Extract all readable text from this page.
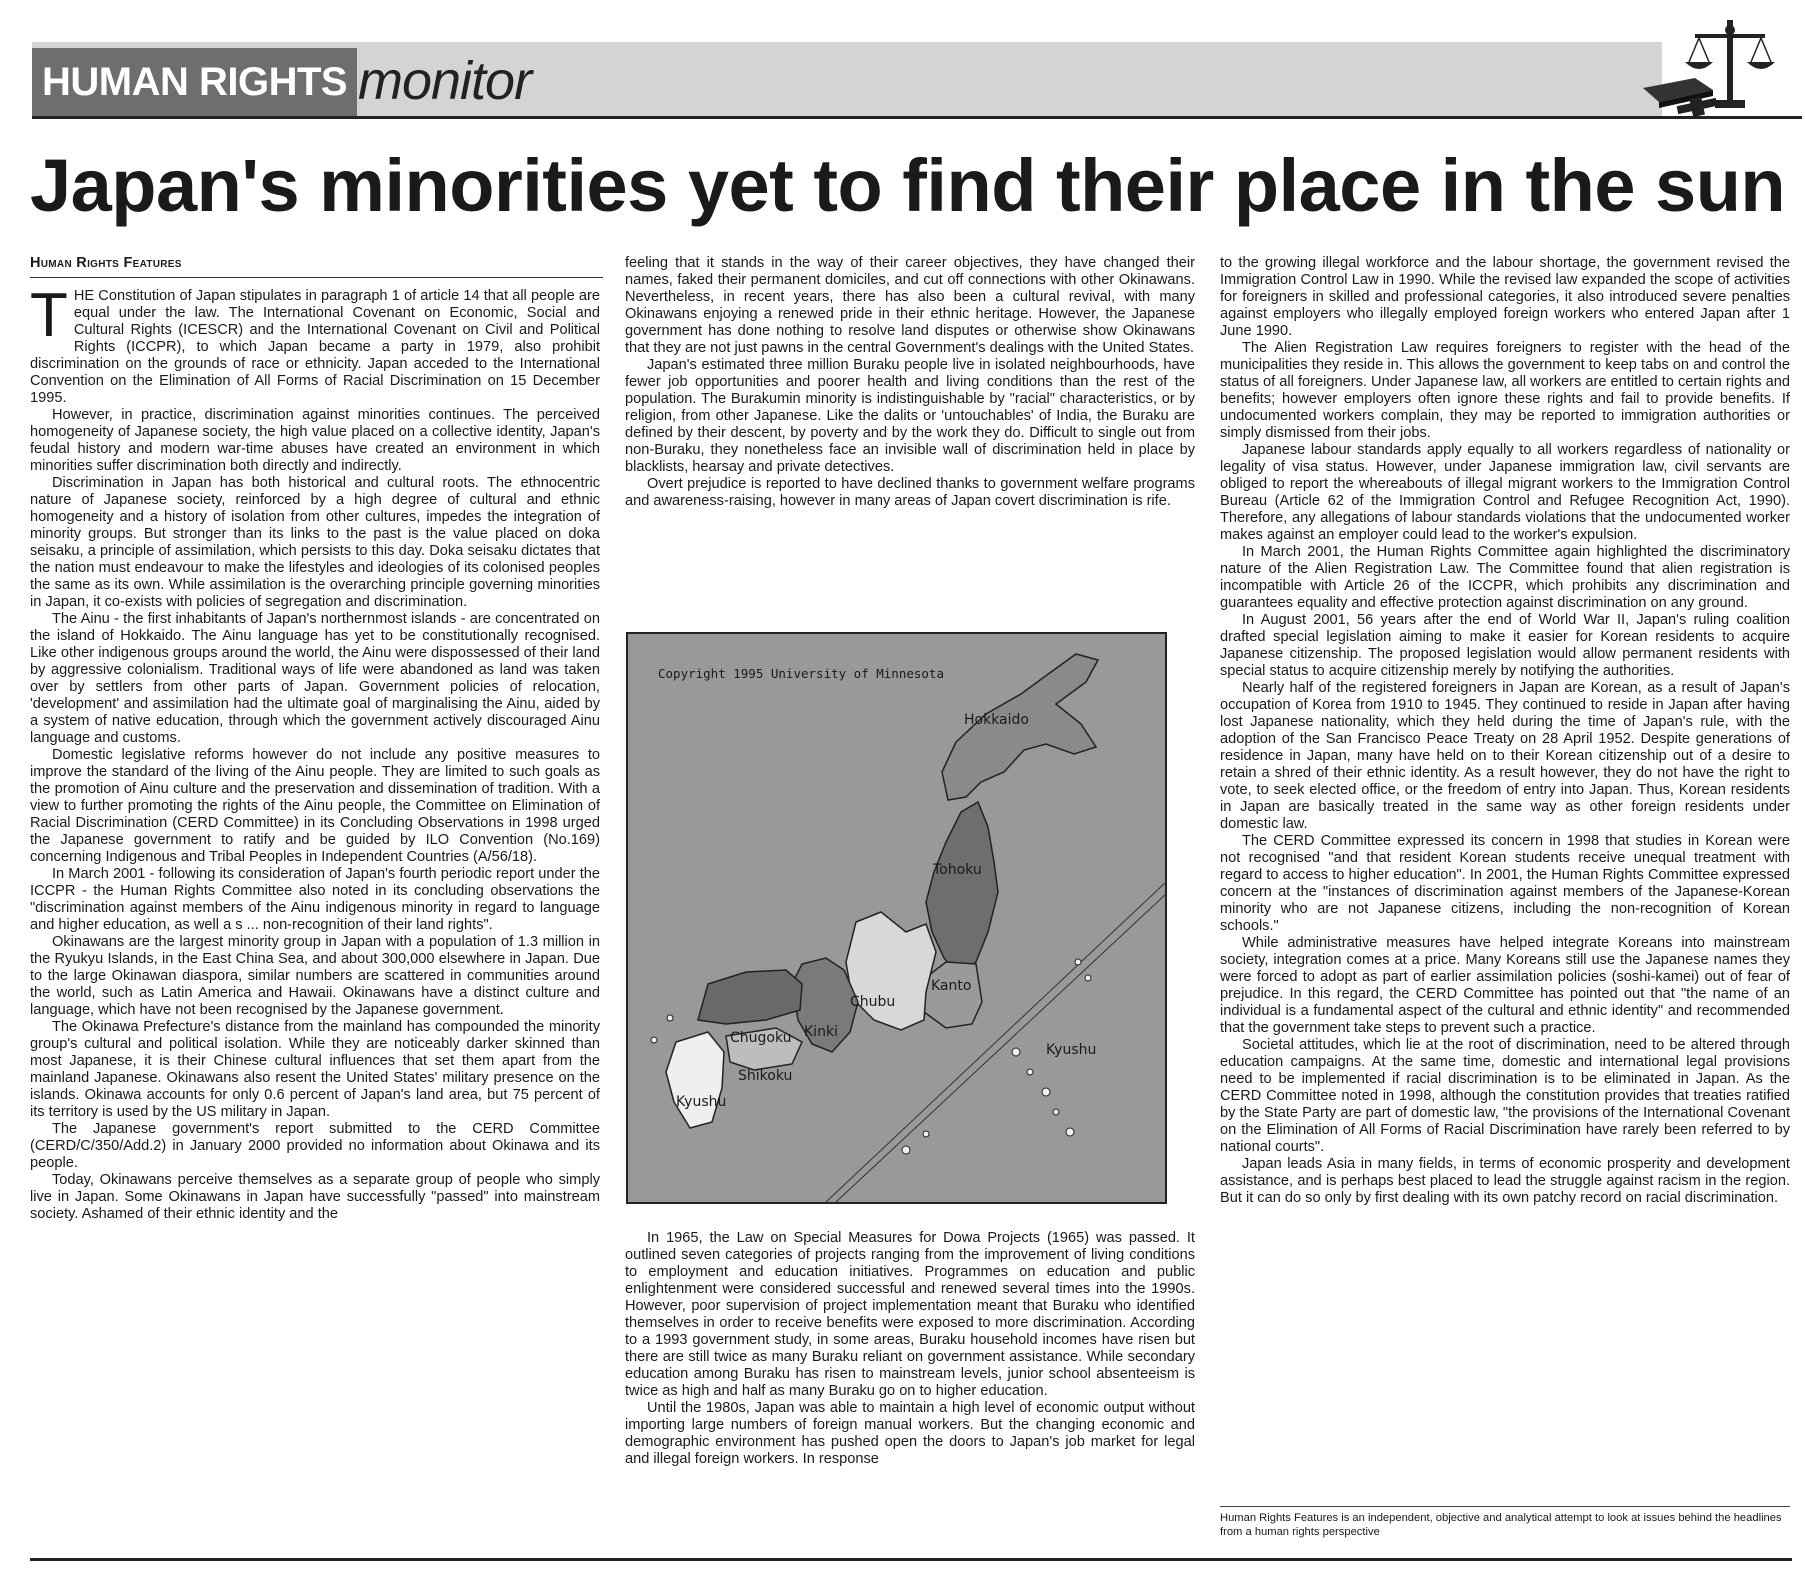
HUMAN RIGHTS monitor
Japan's minorities yet to find their place in the sun
Human Rights Features

THE Constitution of Japan stipulates in paragraph 1 of article 14 that all people are equal under the law. The International Covenant on Economic, Social and Cultural Rights (ICESCR) and the International Covenant on Civil and Political Rights (ICCPR), to which Japan became a party in 1979, also prohibit discrimination on the grounds of race or ethnicity. Japan acceded to the International Convention on the Elimination of All Forms of Racial Discrimination on 15 December 1995.

However, in practice, discrimination against minorities continues. The perceived homogeneity of Japanese society, the high value placed on a collective identity, Japan's feudal history and modern war-time abuses have created an environment in which minorities suffer discrimination both directly and indirectly.

Discrimination in Japan has both historical and cultural roots. The ethnocentric nature of Japanese society, reinforced by a high degree of cultural and ethnic homogeneity and a history of isolation from other cultures, impedes the integration of minority groups. But stronger than its links to the past is the value placed on doka seisaku, a principle of assimilation, which persists to this day. Doka seisaku dictates that the nation must endeavour to make the lifestyles and ideologies of its colonised peoples the same as its own. While assimilation is the overarching principle governing minorities in Japan, it co-exists with policies of segregation and discrimination.

The Ainu - the first inhabitants of Japan's northernmost islands - are concentrated on the island of Hokkaido. The Ainu language has yet to be constitutionally recognised. Like other indigenous groups around the world, the Ainu were dispossessed of their land by aggressive colonialism. Traditional ways of life were abandoned as land was taken over by settlers from other parts of Japan. Government policies of relocation, 'development' and assimilation had the ultimate goal of marginalising the Ainu, aided by a system of native education, through which the government actively discouraged Ainu language and customs.

Domestic legislative reforms however do not include any positive measures to improve the standard of the living of the Ainu people. They are limited to such goals as the promotion of Ainu culture and the preservation and dissemination of tradition. With a view to further promoting the rights of the Ainu people, the Committee on Elimination of Racial Discrimination (CERD Committee) in its Concluding Observations in 1998 urged the Japanese government to ratify and be guided by ILO Convention (No.169) concerning Indigenous and Tribal Peoples in Independent Countries (A/56/18).

In March 2001 - following its consideration of Japan's fourth periodic report under the ICCPR - the Human Rights Committee also noted in its concluding observations the "discrimination against members of the Ainu indigenous minority in regard to language and higher education, as well a s ... non-recognition of their land rights".

Okinawans are the largest minority group in Japan with a population of 1.3 million in the Ryukyu Islands, in the East China Sea, and about 300,000 elsewhere in Japan. Due to the large Okinawan diaspora, similar numbers are scattered in communities around the world, such as Latin America and Hawaii. Okinawans have a distinct culture and language, which have not been recognised by the Japanese government.

The Okinawa Prefecture's distance from the mainland has compounded the minority group's cultural and political isolation. While they are noticeably darker skinned than most Japanese, it is their Chinese cultural influences that set them apart from the mainland Japanese. Okinawans also resent the United States' military presence on the islands. Okinawa accounts for only 0.6 percent of Japan's land area, but 75 percent of its territory is used by the US military in Japan.

The Japanese government's report submitted to the CERD Committee (CERD/C/350/Add.2) in January 2000 provided no information about Okinawa and its people.

Today, Okinawans perceive themselves as a separate group of people who simply live in Japan. Some Okinawans in Japan have successfully "passed" into mainstream society. Ashamed of their ethnic identity and the

feeling that it stands in the way of their career objectives, they have changed their names, faked their permanent domiciles, and cut off connections with other Okinawans. Nevertheless, in recent years, there has also been a cultural revival, with many Okinawans enjoying a renewed pride in their ethnic heritage. However, the Japanese government has done nothing to resolve land disputes or otherwise show Okinawans that they are not just pawns in the central Government's dealings with the United States.

Japan's estimated three million Buraku people live in isolated neighbourhoods, have fewer job opportunities and poorer health and living conditions than the rest of the population. The Burakumin minority is indistinguishable by "racial" characteristics, or by religion, from other Japanese. Like the dalits or 'untouchables' of India, the Buraku are defined by their descent, by poverty and by the work they do. Difficult to single out from non-Buraku, they nonetheless face an invisible wall of discrimination held in place by blacklists, hearsay and private detectives.

Overt prejudice is reported to have declined thanks to government welfare programs and awareness-raising, however in many areas of Japan covert discrimination is rife.

Copyright 1995 University of Minnesota
Hokkaido
Tohoku
Kanto
Chubu
Kinki
Chugoku
Shikoku
Kyushu
Kyushu

In 1965, the Law on Special Measures for Dowa Projects (1965) was passed. It outlined seven categories of projects ranging from the improvement of living conditions to employment and education initiatives. Programmes on education and public enlightenment were considered successful and renewed several times into the 1990s. However, poor supervision of project implementation meant that Buraku who identified themselves in order to receive benefits were exposed to more discrimination. According to a 1993 government study, in some areas, Buraku household incomes have risen but there are still twice as many Buraku reliant on government assistance. While secondary education among Buraku has risen to mainstream levels, junior school absenteeism is twice as high and half as many Buraku go on to higher education.

Until the 1980s, Japan was able to maintain a high level of economic output without importing large numbers of foreign manual workers. But the changing economic and demographic environment has pushed open the doors to Japan's job market for legal and illegal foreign workers. In response

to the growing illegal workforce and the labour shortage, the government revised the Immigration Control Law in 1990. While the revised law expanded the scope of activities for foreigners in skilled and professional categories, it also introduced severe penalties against employers who illegally employed foreign workers who entered Japan after 1 June 1990.

The Alien Registration Law requires foreigners to register with the head of the municipalities they reside in. This allows the government to keep tabs on and control the status of all foreigners. Under Japanese law, all workers are entitled to certain rights and benefits; however employers often ignore these rights and fail to provide benefits. If undocumented workers complain, they may be reported to immigration authorities or simply dismissed from their jobs.

Japanese labour standards apply equally to all workers regardless of nationality or legality of visa status. However, under Japanese immigration law, civil servants are obliged to report the whereabouts of illegal migrant workers to the Immigration Control Bureau (Article 62 of the Immigration Control and Refugee Recognition Act, 1990). Therefore, any allegations of labour standards violations that the undocumented worker makes against an employer could lead to the worker's expulsion.

In March 2001, the Human Rights Committee again highlighted the discriminatory nature of the Alien Registration Law. The Committee found that alien registration is incompatible with Article 26 of the ICCPR, which prohibits any discrimination and guarantees equality and effective protection against discrimination on any ground.

In August 2001, 56 years after the end of World War II, Japan's ruling coalition drafted special legislation aiming to make it easier for Korean residents to acquire Japanese citizenship. The proposed legislation would allow permanent residents with special status to acquire citizenship merely by notifying the authorities.

Nearly half of the registered foreigners in Japan are Korean, as a result of Japan's occupation of Korea from 1910 to 1945. They continued to reside in Japan after having lost Japanese nationality, which they held during the time of Japan's rule, with the adoption of the San Francisco Peace Treaty on 28 April 1952. Despite generations of residence in Japan, many have held on to their Korean citizenship out of a desire to retain a shred of their ethnic identity. As a result however, they do not have the right to vote, to seek elected office, or the freedom of entry into Japan. Thus, Korean residents in Japan are basically treated in the same way as other foreign residents under domestic law.

The CERD Committee expressed its concern in 1998 that studies in Korean were not recognised "and that resident Korean students receive unequal treatment with regard to access to higher education". In 2001, the Human Rights Committee expressed concern at the "instances of discrimination against members of the Japanese-Korean minority who are not Japanese citizens, including the non-recognition of Korean schools."

While administrative measures have helped integrate Koreans into mainstream society, integration comes at a price. Many Koreans still use the Japanese names they were forced to adopt as part of earlier assimilation policies (soshi-kamei) out of fear of prejudice. In this regard, the CERD Committee has pointed out that "the name of an individual is a fundamental aspect of the cultural and ethnic identity" and recommended that the government take steps to prevent such a practice.

Societal attitudes, which lie at the root of discrimination, need to be altered through education campaigns. At the same time, domestic and international legal provisions need to be implemented if racial discrimination is to be eliminated in Japan. As the CERD Committee noted in 1998, although the constitution provides that treaties ratified by the State Party are part of domestic law, "the provisions of the International Covenant on the Elimination of All Forms of Racial Discrimination have rarely been referred to by national courts".

Japan leads Asia in many fields, in terms of economic prosperity and development assistance, and is perhaps best placed to lead the struggle against racism in the region. But it can do so only by first dealing with its own patchy record on racial discrimination.

Human Rights Features is an independent, objective and analytical attempt to look at issues behind the headlines from a human rights perspective
